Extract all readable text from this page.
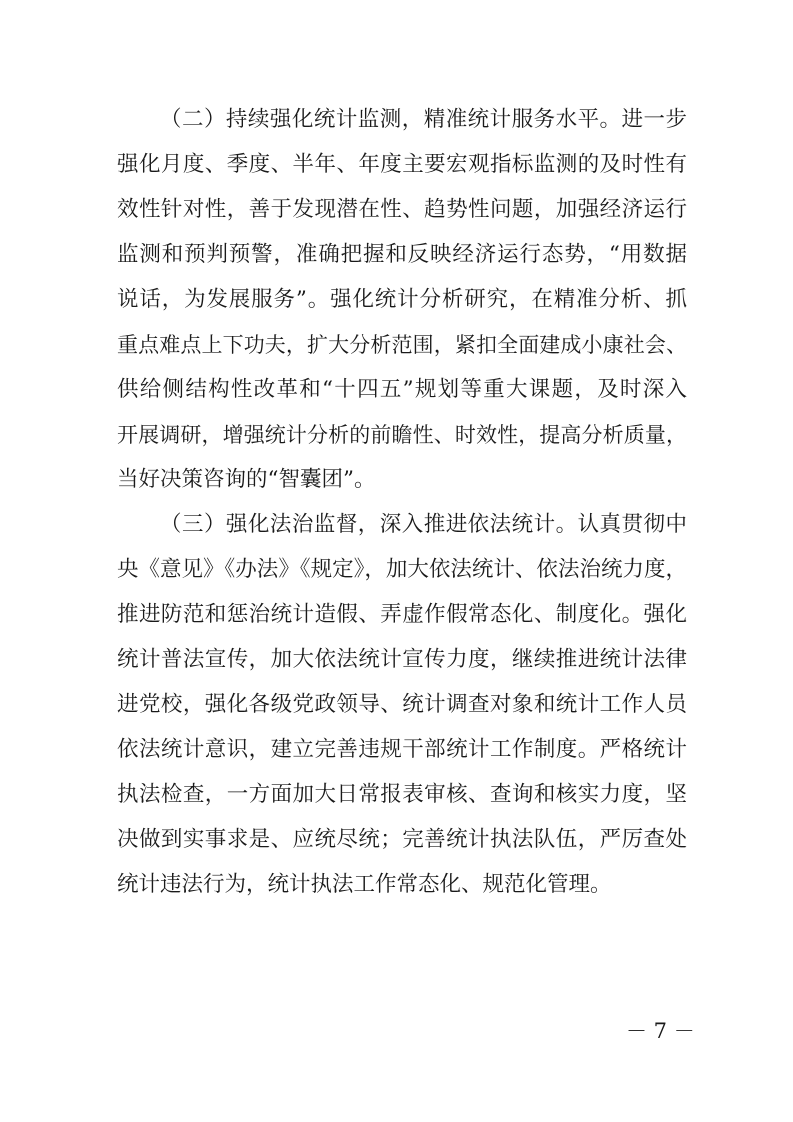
（二）持续强化统计监测，精准统计服务水平。进一步
强化月度、季度、半年、年度主要宏观指标监测的及时性有
效性针对性，善于发现潜在性、趋势性问题，加强经济运行
监测和预判预警，准确把握和反映经济运行态势，“用数据
说话，为发展服务”。强化统计分析研究，在精准分析、抓
重点难点上下功夫，扩大分析范围，紧扣全面建成小康社会、
供给侧结构性改革和“十四五”规划等重大课题，及时深入
开展调研，增强统计分析的前瞻性、时效性，提高分析质量，
当好决策咨询的“智囊团”。
（三）强化法治监督，深入推进依法统计。认真贯彻中
央《意见》《办法》《规定》，加大依法统计、依法治统力度，
推进防范和惩治统计造假、弄虚作假常态化、制度化。强化
统计普法宣传，加大依法统计宣传力度，继续推进统计法律
进党校，强化各级党政领导、统计调查对象和统计工作人员
依法统计意识，建立完善违规干部统计工作制度。严格统计
执法检查，一方面加大日常报表审核、查询和核实力度，坚
决做到实事求是、应统尽统；完善统计执法队伍，严厉查处
统计违法行为，统计执法工作常态化、规范化管理。
－ 7 －
